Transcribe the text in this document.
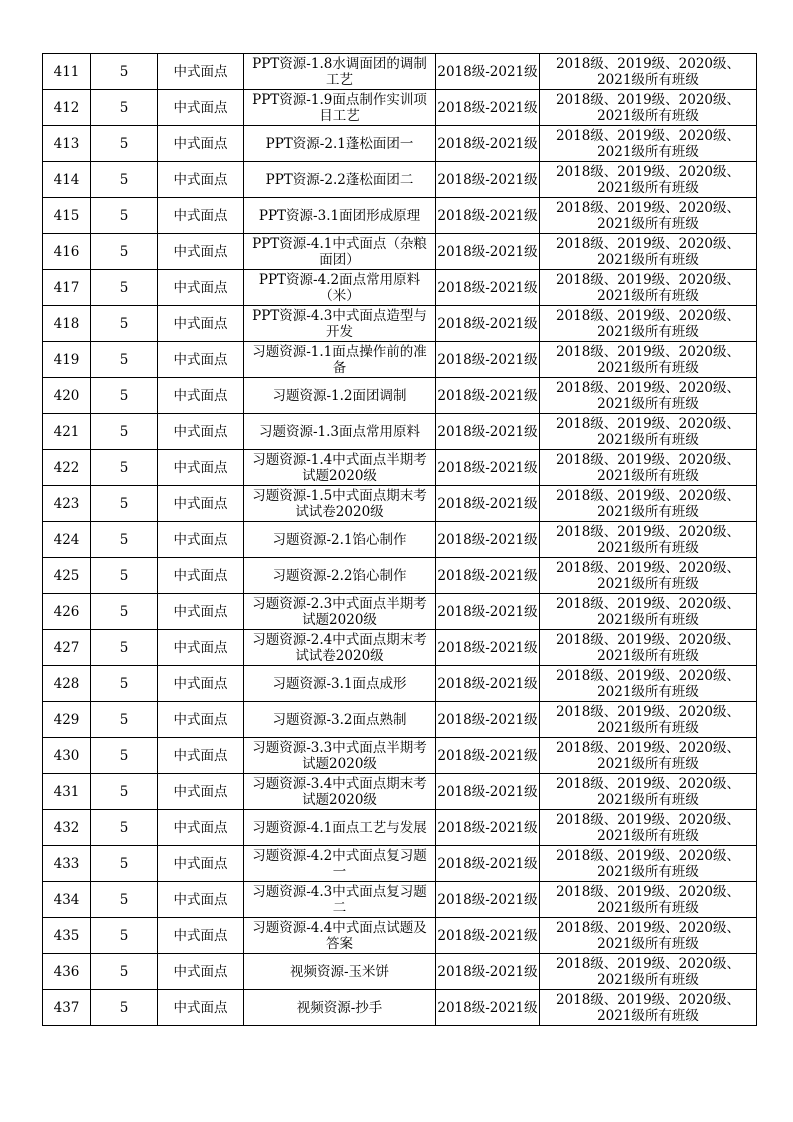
411	5	中式面点	PPT资源-1.8水调面团的调制工艺	2018级-2021级	2018级、2019级、2020级、2021级所有班级
412	5	中式面点	PPT资源-1.9面点制作实训项目工艺	2018级-2021级	2018级、2019级、2020级、2021级所有班级
413	5	中式面点	PPT资源-2.1蓬松面团一	2018级-2021级	2018级、2019级、2020级、2021级所有班级
414	5	中式面点	PPT资源-2.2蓬松面团二	2018级-2021级	2018级、2019级、2020级、2021级所有班级
415	5	中式面点	PPT资源-3.1面团形成原理	2018级-2021级	2018级、2019级、2020级、2021级所有班级
416	5	中式面点	PPT资源-4.1中式面点（杂粮面团）	2018级-2021级	2018级、2019级、2020级、2021级所有班级
417	5	中式面点	PPT资源-4.2面点常用原料（米）	2018级-2021级	2018级、2019级、2020级、2021级所有班级
418	5	中式面点	PPT资源-4.3中式面点造型与开发	2018级-2021级	2018级、2019级、2020级、2021级所有班级
419	5	中式面点	习题资源-1.1面点操作前的准备	2018级-2021级	2018级、2019级、2020级、2021级所有班级
420	5	中式面点	习题资源-1.2面团调制	2018级-2021级	2018级、2019级、2020级、2021级所有班级
421	5	中式面点	习题资源-1.3面点常用原料	2018级-2021级	2018级、2019级、2020级、2021级所有班级
422	5	中式面点	习题资源-1.4中式面点半期考试题2020级	2018级-2021级	2018级、2019级、2020级、2021级所有班级
423	5	中式面点	习题资源-1.5中式面点期末考试试卷2020级	2018级-2021级	2018级、2019级、2020级、2021级所有班级
424	5	中式面点	习题资源-2.1馅心制作	2018级-2021级	2018级、2019级、2020级、2021级所有班级
425	5	中式面点	习题资源-2.2馅心制作	2018级-2021级	2018级、2019级、2020级、2021级所有班级
426	5	中式面点	习题资源-2.3中式面点半期考试题2020级	2018级-2021级	2018级、2019级、2020级、2021级所有班级
427	5	中式面点	习题资源-2.4中式面点期末考试试卷2020级	2018级-2021级	2018级、2019级、2020级、2021级所有班级
428	5	中式面点	习题资源-3.1面点成形	2018级-2021级	2018级、2019级、2020级、2021级所有班级
429	5	中式面点	习题资源-3.2面点熟制	2018级-2021级	2018级、2019级、2020级、2021级所有班级
430	5	中式面点	习题资源-3.3中式面点半期考试题2020级	2018级-2021级	2018级、2019级、2020级、2021级所有班级
431	5	中式面点	习题资源-3.4中式面点期末考试题2020级	2018级-2021级	2018级、2019级、2020级、2021级所有班级
432	5	中式面点	习题资源-4.1面点工艺与发展	2018级-2021级	2018级、2019级、2020级、2021级所有班级
433	5	中式面点	习题资源-4.2中式面点复习题一	2018级-2021级	2018级、2019级、2020级、2021级所有班级
434	5	中式面点	习题资源-4.3中式面点复习题二	2018级-2021级	2018级、2019级、2020级、2021级所有班级
435	5	中式面点	习题资源-4.4中式面点试题及答案	2018级-2021级	2018级、2019级、2020级、2021级所有班级
436	5	中式面点	视频资源-玉米饼	2018级-2021级	2018级、2019级、2020级、2021级所有班级
437	5	中式面点	视频资源-抄手	2018级-2021级	2018级、2019级、2020级、2021级所有班级
